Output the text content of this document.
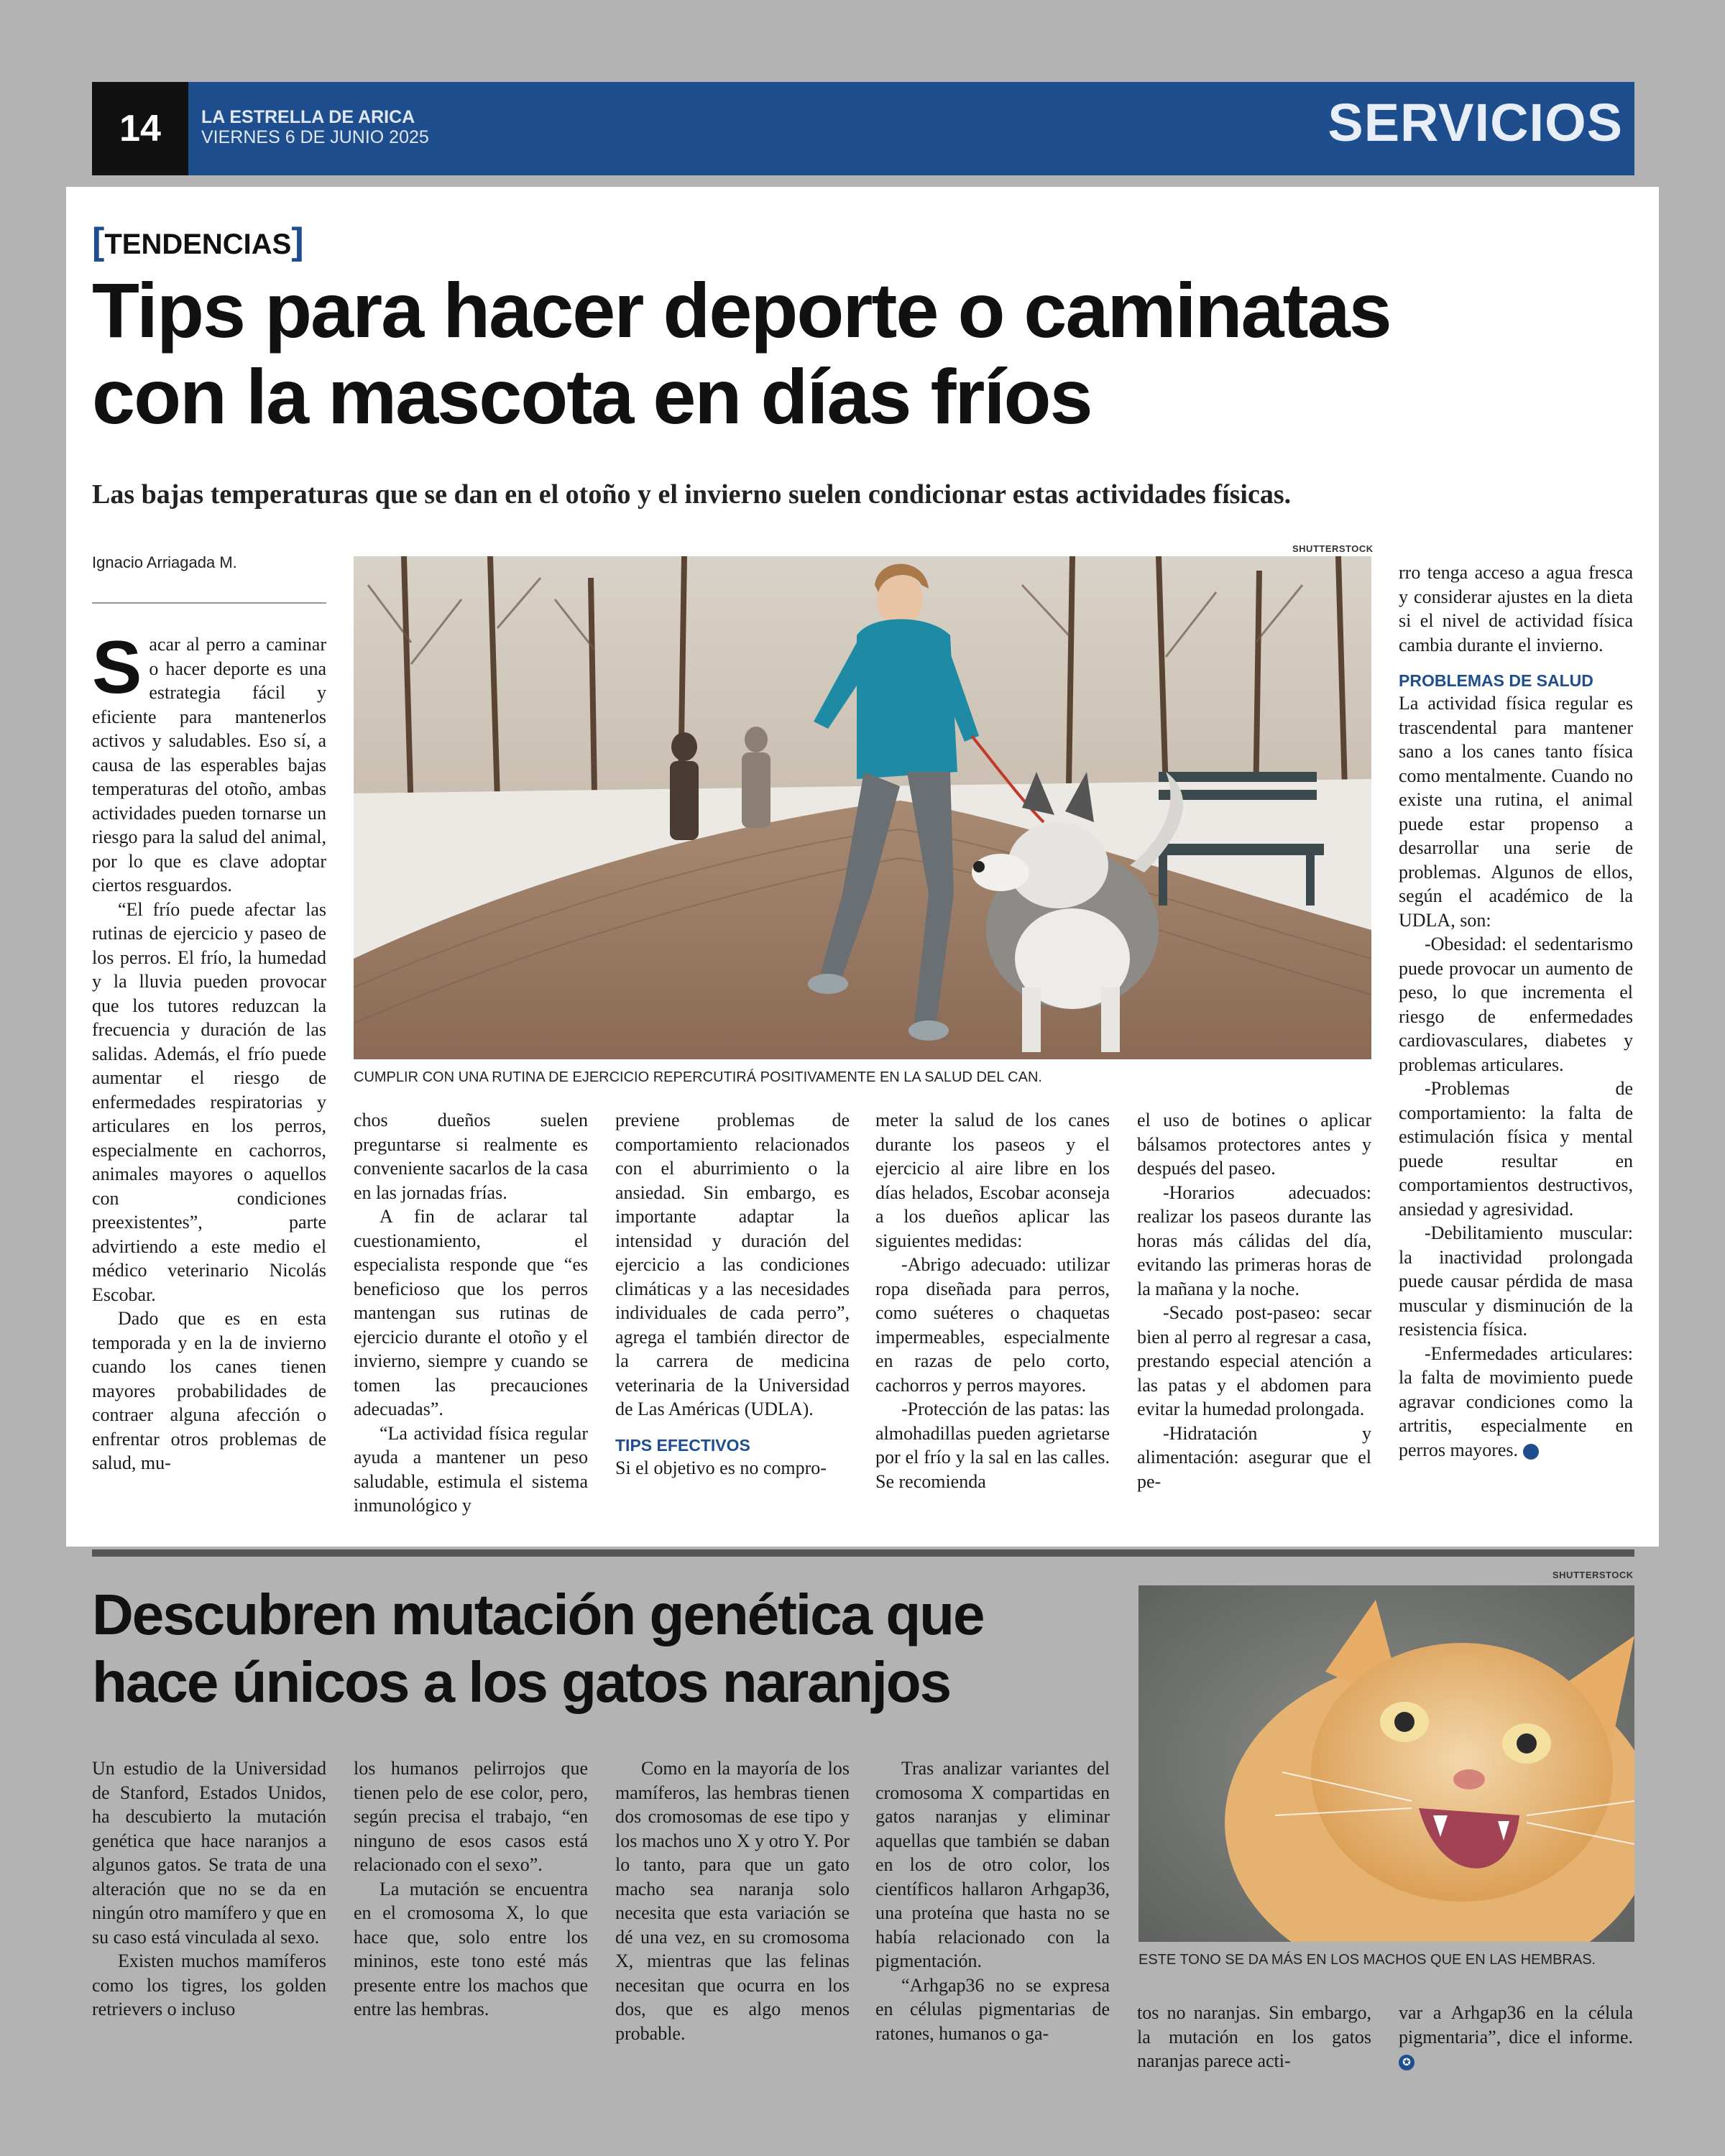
14	LA ESTRELLA DE ARICA
VIERNES 6 DE JUNIO 2025	SERVICIOS
[TENDENCIAS]
Tips para hacer deporte o caminatas
con la mascota en días fríos
Las bajas temperaturas que se dan en el otoño y el invierno suelen condicionar estas actividades físicas.
Ignacio Arriagada M.
SHUTTERSTOCK
CUMPLIR CON UNA RUTINA DE EJERCICIO REPERCUTIRÁ POSITIVAMENTE EN LA SALUD DEL CAN.

Sacar al perro a caminar o hacer deporte es una estrategia fácil y eficiente para mantenerlos activos y saludables. Eso sí, a causa de las esperables bajas temperaturas del otoño, ambas actividades pueden tornarse un riesgo para la salud del animal, por lo que es clave adoptar ciertos resguardos.

“El frío puede afectar las rutinas de ejercicio y paseo de los perros. El frío, la humedad y la lluvia pueden provocar que los tutores reduzcan la frecuencia y duración de las salidas. Además, el frío puede aumentar el riesgo de enfermedades respiratorias y articulares en los perros, especialmente en cachorros, animales mayores o aquellos con condiciones preexistentes”, parte advirtiendo a este medio el médico veterinario Nicolás Escobar.

Dado que es en esta temporada y en la de invierno cuando los canes tienen mayores probabilidades de contraer alguna afección o enfrentar otros problemas de salud, mu-

chos dueños suelen preguntarse si realmente es conveniente sacarlos de la casa en las jornadas frías.

A fin de aclarar tal cuestionamiento, el especialista responde que “es beneficioso que los perros mantengan sus rutinas de ejercicio durante el otoño y el invierno, siempre y cuando se tomen las precauciones adecuadas”.

“La actividad física regular ayuda a mantener un peso saludable, estimula el sistema inmunológico y

previene problemas de comportamiento relacionados con el aburrimiento o la ansiedad. Sin embargo, es importante adaptar la intensidad y duración del ejercicio a las condiciones climáticas y a las necesidades individuales de cada perro”, agrega el también director de la carrera de medicina veterinaria de la Universidad de Las Américas (UDLA).

TIPS EFECTIVOS

Si el objetivo es no compro-

meter la salud de los canes durante los paseos y el ejercicio al aire libre en los días helados, Escobar aconseja a los dueños aplicar las siguientes medidas:

-Abrigo adecuado: utilizar ropa diseñada para perros, como suéteres o chaquetas impermeables, especialmente en razas de pelo corto, cachorros y perros mayores.

-Protección de las patas: las almohadillas pueden agrietarse por el frío y la sal en las calles. Se recomienda

el uso de botines o aplicar bálsamos protectores antes y después del paseo.

-Horarios adecuados: realizar los paseos durante las horas más cálidas del día, evitando las primeras horas de la mañana y la noche.

-Secado post-paseo: secar bien al perro al regresar a casa, prestando especial atención a las patas y el abdomen para evitar la humedad prolongada.

-Hidratación y alimentación: asegurar que el pe-

rro tenga acceso a agua fresca y considerar ajustes en la dieta si el nivel de actividad física cambia durante el invierno.

PROBLEMAS DE SALUD

La actividad física regular es trascendental para mantener sano a los canes tanto física como mentalmente. Cuando no existe una rutina, el animal puede estar propenso a desarrollar una serie de problemas. Algunos de ellos, según el académico de la UDLA, son:

-Obesidad: el sedentarismo puede provocar un aumento de peso, lo que incrementa el riesgo de enfermedades cardiovasculares, diabetes y problemas articulares.

-Problemas de comportamiento: la falta de estimulación física y mental puede resultar en comportamientos destructivos, ansiedad y agresividad.

-Debilitamiento muscular: la inactividad prolongada puede causar pérdida de masa muscular y disminución de la resistencia física.

-Enfermedades articulares: la falta de movimiento puede agravar condiciones como la artritis, especialmente en perros mayores.	✪

Descubren mutación genética que
hace únicos a los gatos naranjos
SHUTTERSTOCK
ESTE TONO SE DA MÁS EN LOS MACHOS QUE EN LAS HEMBRAS.

Un estudio de la Universidad de Stanford, Estados Unidos, ha descubierto la mutación genética que hace naranjos a algunos gatos. Se trata de una alteración que no se da en ningún otro mamífero y que en su caso está vinculada al sexo.

Existen muchos mamíferos como los tigres, los golden retrievers o incluso

los humanos pelirrojos que tienen pelo de ese color, pero, según precisa el trabajo, “en ninguno de esos casos está relacionado con el sexo”.

La mutación se encuentra en el cromosoma X, lo que hace que, solo entre los mininos, este tono esté más presente entre los machos que entre las hembras.

Como en la mayoría de los mamíferos, las hembras tienen dos cromosomas de ese tipo y los machos uno X y otro Y. Por lo tanto, para que un gato macho sea naranja solo necesita que esta variación se dé una vez, en su cromosoma X, mientras que las felinas necesitan que ocurra en los dos, que es algo menos probable.

Tras analizar variantes del cromosoma X compartidas en gatos naranjas y eliminar aquellas que también se daban en los de otro color, los científicos hallaron Arhgap36, una proteína que hasta no se había relacionado con la pigmentación.

“Arhgap36 no se expresa en células pigmentarias de ratones, humanos o ga-

tos no naranjas. Sin embargo, la mutación en los gatos naranjas parece acti-

var a Arhgap36 en la célula pigmentaria”, dice el informe. ✪
